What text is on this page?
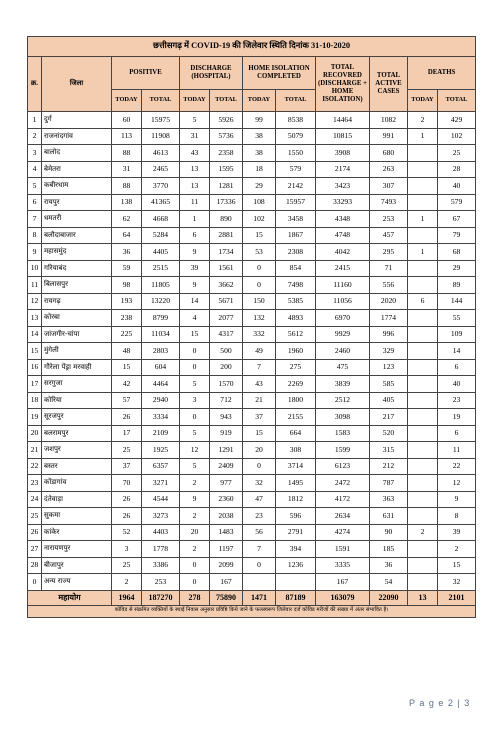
छत्तीसगढ़ में COVID-19 की जिलेवार स्थिति दिनांक 31-10-2020											
क्र.	जिला	POSITIVE		DISCHARGE (HOSPITAL)		HOME ISOLATION COMPLETED		TOTAL RECOVRED (DISCHARGE + HOME ISOLATION)	TOTAL ACTIVE CASES	DEATHS	
		TODAY	TOTAL	TODAY	TOTAL	TODAY	TOTAL			TODAY	TOTAL
1	दुर्ग	60	15975	5	5926	99	8538	14464	1082	2	429
2	राजनांदगांव	113	11908	31	5736	38	5079	10815	991	1	102
3	बालोद	88	4613	43	2358	38	1550	3908	680		25
4	बेमेतरा	31	2465	13	1595	18	579	2174	263		28
5	कबीरधाम	88	3770	13	1281	29	2142	3423	307		40
6	रायपुर	138	41365	11	17336	108	15957	33293	7493		579
7	धमतरी	62	4668	1	890	102	3458	4348	253	1	67
8	बलौदाबाजार	64	5284	6	2881	15	1867	4748	457		79
9	महासमुंद	36	4405	9	1734	53	2308	4042	295	1	68
10	गरियाबंद	59	2515	39	1561	0	854	2415	71		29
11	बिलासपुर	98	11805	9	3662	0	7498	11160	556		89
12	रायगढ़	193	13220	14	5671	150	5385	11056	2020	6	144
13	कोरबा	238	8799	4	2077	132	4893	6970	1774		55
14	जांजगीर-चांपा	225	11034	15	4317	332	5612	9929	996		109
15	मुंगेली	48	2803	0	500	49	1960	2460	329		14
16	गौरेला पेंड्रा मरवाही	15	604	0	200	7	275	475	123		6
17	सरगुजा	42	4464	5	1570	43	2269	3839	585		40
18	कोरिया	57	2940	3	712	21	1800	2512	405		23
19	सूरजपुर	26	3334	0	943	37	2155	3098	217		19
20	बलरामपुर	17	2109	5	919	15	664	1583	520		6
21	जशपुर	25	1925	12	1291	20	308	1599	315		11
22	बस्तर	37	6357	5	2409	0	3714	6123	212		22
23	कोंडागांव	70	3271	2	977	32	1495	2472	787		12
24	दंतेवाड़ा	26	4544	9	2360	47	1812	4172	363		9
25	सुकमा	26	3273	2	2038	23	596	2634	631		8
26	कांकेर	52	4403	20	1483	56	2791	4274	90	2	39
27	नारायणपुर	3	1778	2	1197	7	394	1591	185		2
28	बीजापुर	25	3386	0	2099	0	1236	3335	36		15
0	अन्य राज्य	2	253	0	167			167	54		32
महायोग		1964	187270	278	75890	1471	87189	163079	22090	13	2101
कोविड से संक्रमित व्यक्तियों के स्थाई निवास अनुसार प्रविष्टि किये जाने के फलस्वरूप जिलेवार दर्ज कोविड मरीजों की संख्या में अंतर संभावित है।											
P a g e 2 | 3
